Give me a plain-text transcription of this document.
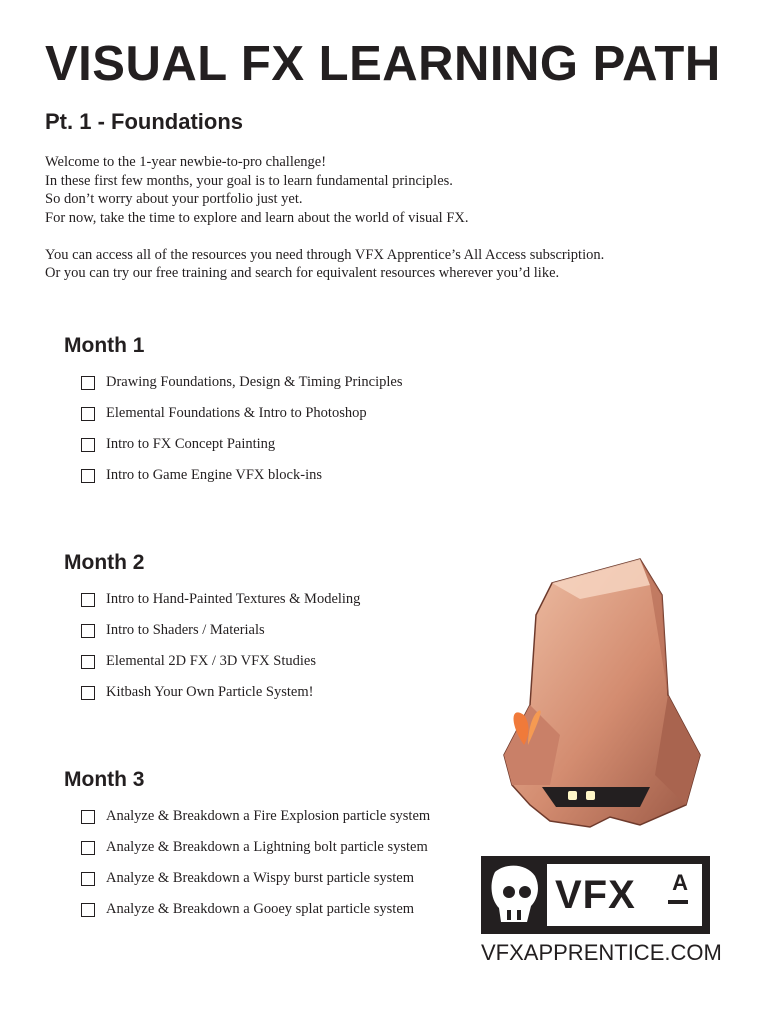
VISUAL FX LEARNING PATH
Pt. 1 - Foundations

Welcome to the 1-year newbie-to-pro challenge!
In these first few months, your goal is to learn fundamental principles.
So don’t worry about your portfolio just yet.
For now, take the time to explore and learn about the world of visual FX.

You can access all of the resources you need through VFX Apprentice’s All Access subscription.
Or you can try our free training and search for equivalent resources wherever you’d like.

Month 1
Drawing Foundations, Design & Timing Principles
Elemental Foundations & Intro to Photoshop
Intro to FX Concept Painting
Intro to Game Engine VFX block-ins
Month 2
Intro to Hand-Painted Textures & Modeling
Intro to Shaders / Materials
Elemental 2D FX / 3D VFX Studies
Kitbash Your Own Particle System!
Month 3
Analyze & Breakdown a Fire Explosion particle system
Analyze & Breakdown a Lightning bolt particle system
Analyze & Breakdown a Wispy burst particle system
Analyze & Breakdown a Gooey splat particle system	VFX A
VFXAPPRENTICE.COM
